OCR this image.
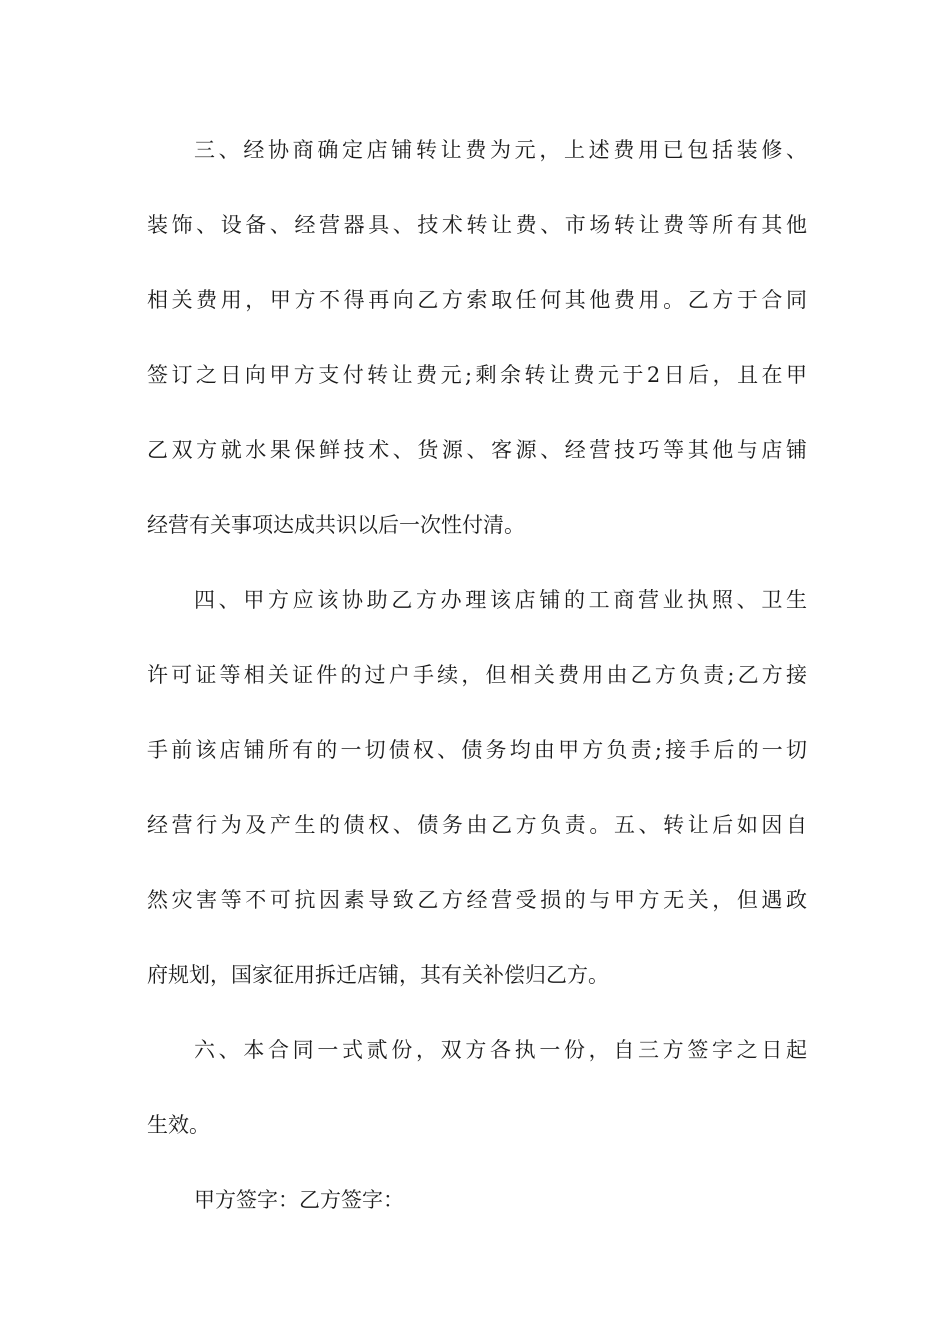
三、经协商确定店铺转让费为元，上述费用已包括装修、
装饰、设备、经营器具、技术转让费、市场转让费等所有其他
相关费用，甲方不得再向乙方索取任何其他费用。乙方于合同
签订之日向甲方支付转让费元;剩余转让费元于2日后，且在甲
乙双方就水果保鲜技术、货源、客源、经营技巧等其他与店铺
经营有关事项达成共识以后一次性付清。
四、甲方应该协助乙方办理该店铺的工商营业执照、卫生
许可证等相关证件的过户手续，但相关费用由乙方负责;乙方接
手前该店铺所有的一切债权、债务均由甲方负责;接手后的一切
经营行为及产生的债权、债务由乙方负责。五、转让后如因自
然灾害等不可抗因素导致乙方经营受损的与甲方无关，但遇政
府规划，国家征用拆迁店铺，其有关补偿归乙方。
六、本合同一式贰份，双方各执一份，自三方签字之日起
生效。
甲方签字：乙方签字：
